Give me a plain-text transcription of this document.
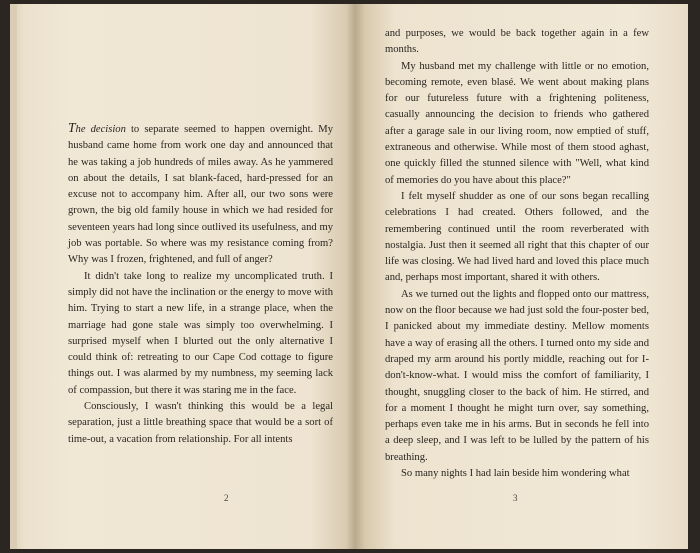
The decision to separate seemed to happen overnight. My husband came home from work one day and announced that he was taking a job hundreds of miles away. As he yammered on about the details, I sat blank-faced, hard-pressed for an excuse not to accompany him. After all, our two sons were grown, the big old family house in which we had resided for seventeen years had long since outlived its usefulness, and my job was portable. So where was my resistance coming from? Why was I frozen, frightened, and full of anger?

It didn't take long to realize my uncomplicated truth. I simply did not have the inclination or the energy to move with him. Trying to start a new life, in a strange place, when the marriage had gone stale was simply too overwhelming. I surprised myself when I blurted out the only alternative I could think of: retreating to our Cape Cod cottage to figure things out. I was alarmed by my numbness, my seeming lack of compassion, but there it was staring me in the face.

Consciously, I wasn't thinking this would be a legal separation, just a little breathing space that would be a sort of time-out, a vacation from relationship. For all intents

2

and purposes, we would be back together again in a few months.

My husband met my challenge with little or no emotion, becoming remote, even blasé. We went about making plans for our futureless future with a frightening politeness, casually announcing the decision to friends who gathered after a garage sale in our living room, now emptied of stuff, extraneous and otherwise. While most of them stood aghast, one quickly filled the stunned silence with "Well, what kind of memories do you have about this place?"

I felt myself shudder as one of our sons began recalling celebrations I had created. Others followed, and the remembering continued until the room reverberated with nostalgia. Just then it seemed all right that this chapter of our life was closing. We had lived hard and loved this place much and, perhaps most important, shared it with others.

As we turned out the lights and flopped onto our mattress, now on the floor because we had just sold the four-poster bed, I panicked about my immediate destiny. Mellow moments have a way of erasing all the others. I turned onto my side and draped my arm around his portly middle, reaching out for I-don't-know-what. I would miss the comfort of familiarity, I thought, snuggling closer to the back of him. He stirred, and for a moment I thought he might turn over, say something, perhaps even take me in his arms. But in seconds he fell into a deep sleep, and I was left to be lulled by the pattern of his breathing.

So many nights I had lain beside him wondering what

3
